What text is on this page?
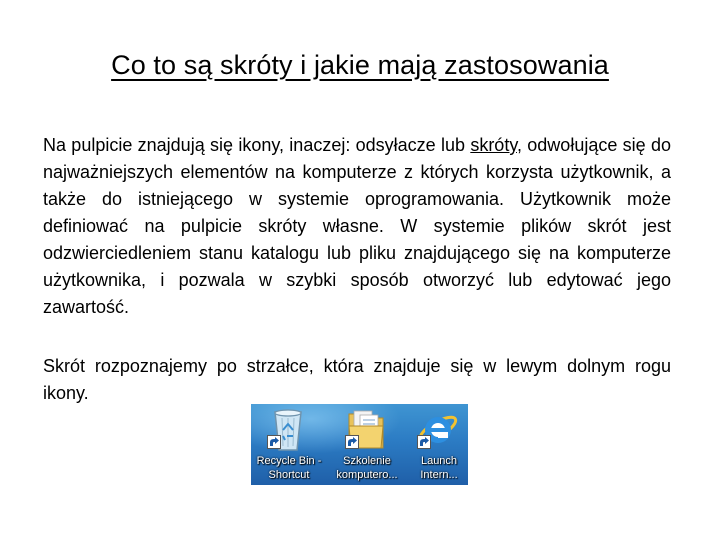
Co to są skróty i jakie mają zastosowania

Na pulpicie znajdują się ikony, inaczej: odsyłacze lub skróty, odwołujące się do najważniejszych elementów na komputerze z których korzysta użytkownik, a także do istniejącego w systemie oprogramowania. Użytkownik może definiować na pulpicie skróty własne. W systemie plików skrót jest odzwierciedleniem stanu katalogu lub pliku znajdującego się na komputerze użytkownika, i pozwala w szybki sposób otworzyć lub edytować jego zawartość.

Skrót rozpoznajemy po strzałce, która znajduje się w lewym dolnym rogu ikony.

Recycle Bin -
Shortcut
Szkolenie
komputero...
Launch
Intern...
